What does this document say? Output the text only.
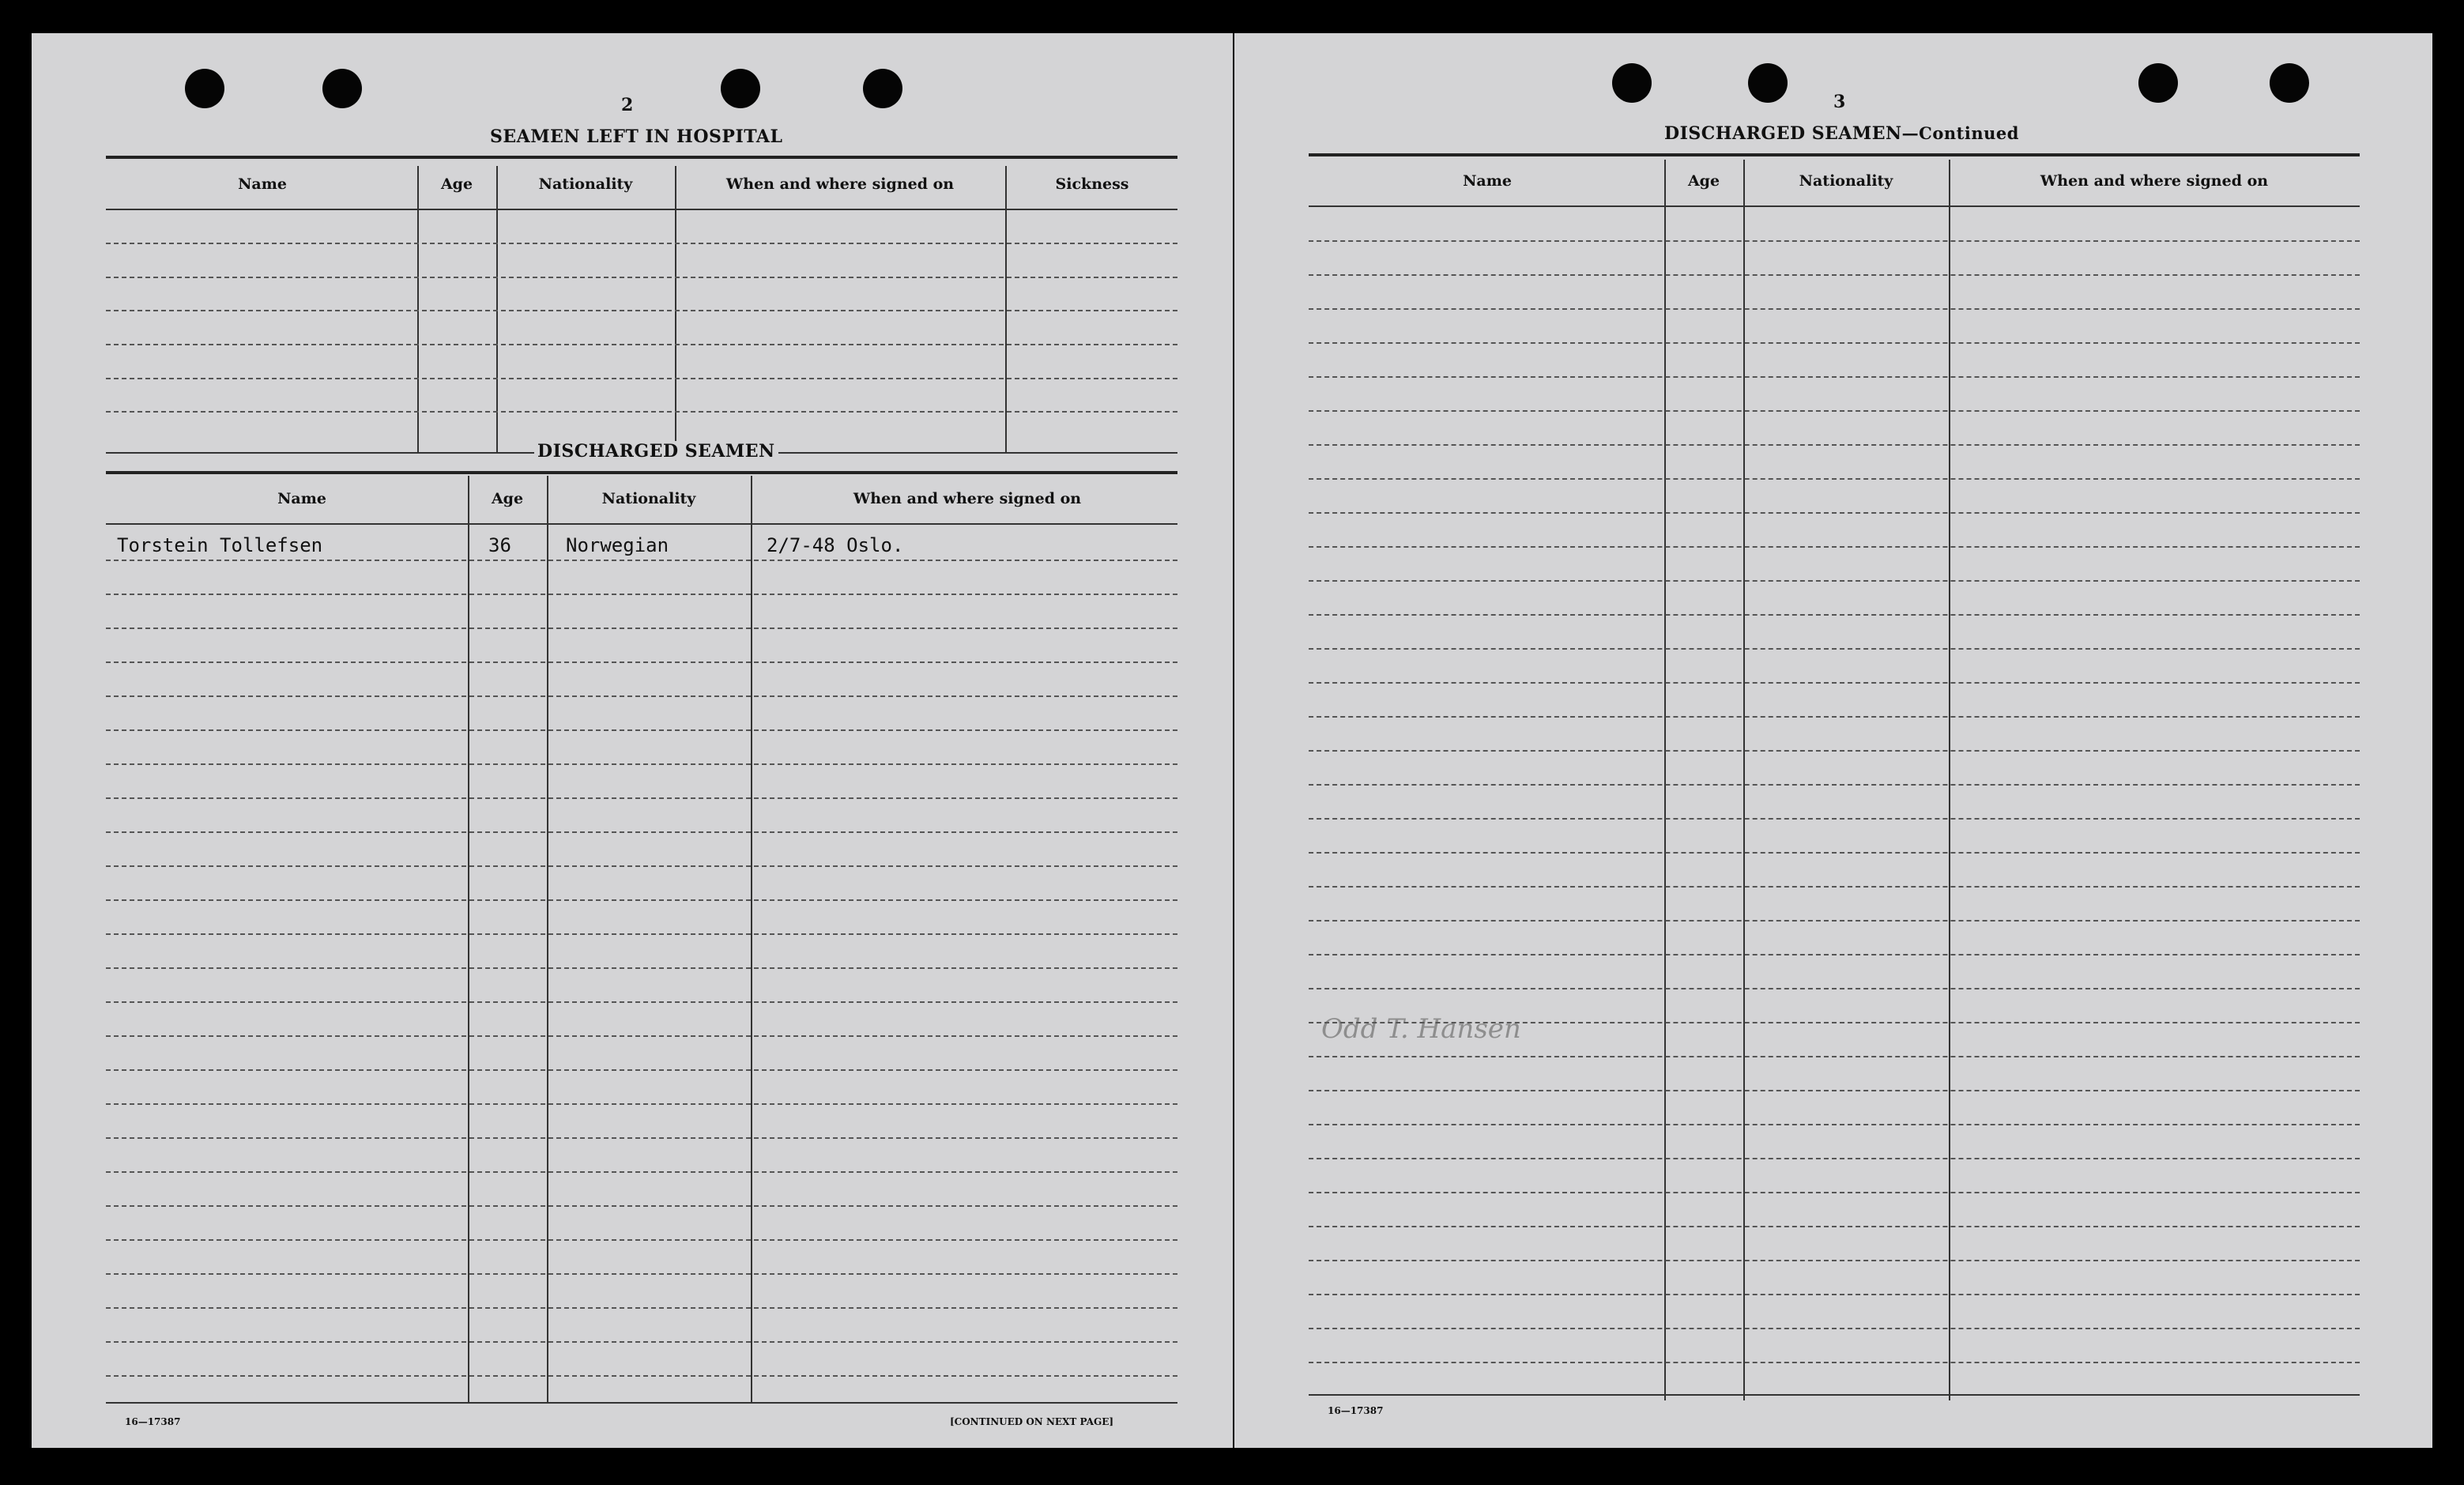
2
SEAMEN LEFT IN HOSPITAL
Name	Age	Nationality	When and where signed on	Sickness
DISCHARGED SEAMEN
Name	Age	Nationality	When and where signed on
Torstein Tollefsen	36	Norwegian	2/7-48 Oslo.
16—17387	[CONTINUED ON NEXT PAGE]
3
DISCHARGED SEAMEN—Continued
Name	Age	Nationality	When and where signed on
Odd T. Hansen
16—17387
